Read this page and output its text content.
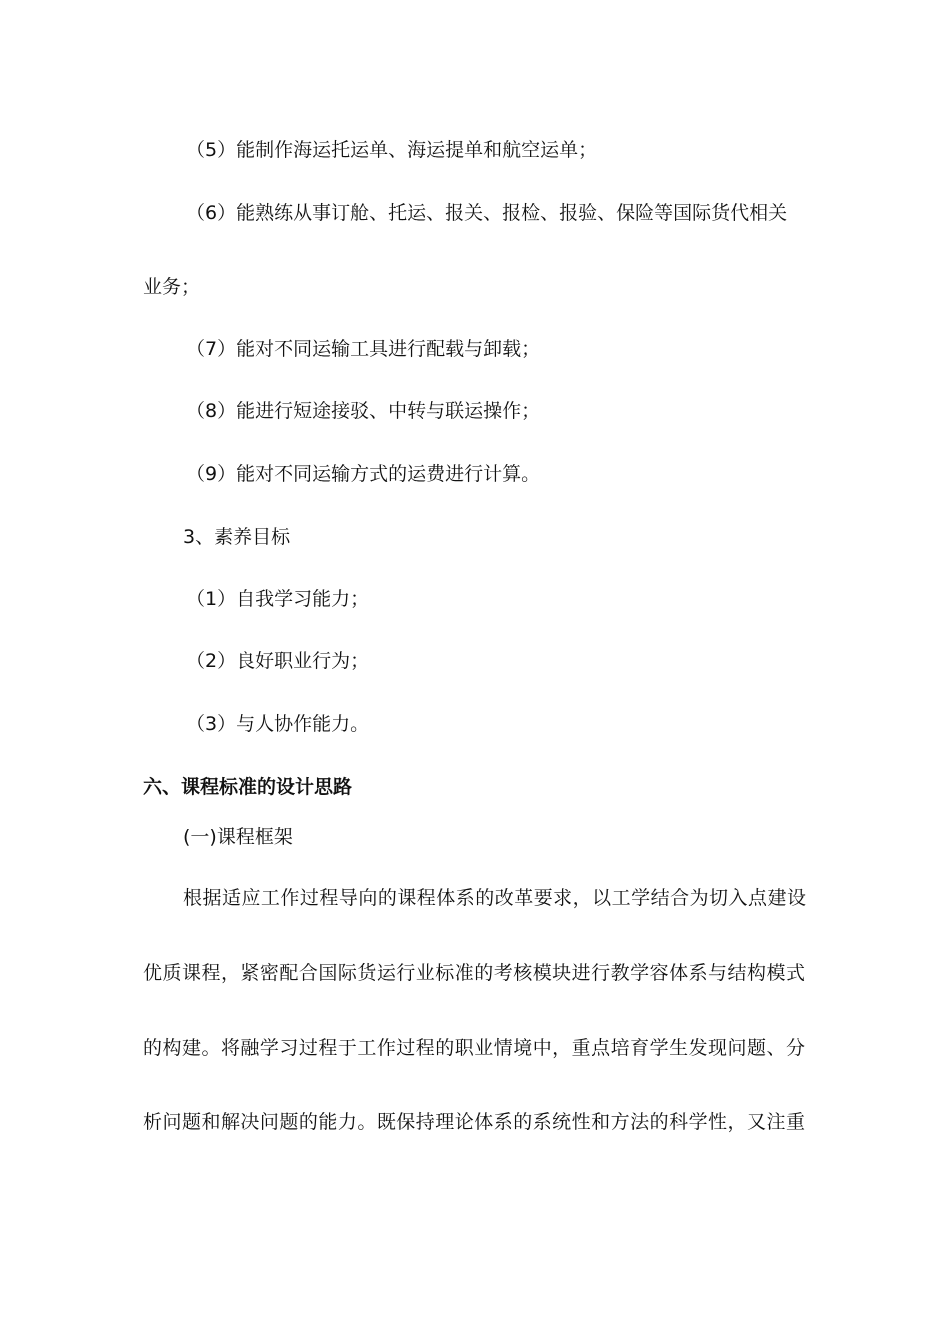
（5）能制作海运托运单、海运提单和航空运单；
（6）能熟练从事订舱、托运、报关、报检、报验、保险等国际货代相关
业务；
（7）能对不同运输工具进行配载与卸载；
（8）能进行短途接驳、中转与联运操作；
（9）能对不同运输方式的运费进行计算。
3、素养目标
（1）自我学习能力；
（2）良好职业行为；
（3）与人协作能力。
六、课程标准的设计思路
(一)课程框架
根据适应工作过程导向的课程体系的改革要求，以工学结合为切入点建设
优质课程，紧密配合国际货运行业标准的考核模块进行教学容体系与结构模式
的构建。将融学习过程于工作过程的职业情境中，重点培育学生发现问题、分
析问题和解决问题的能力。既保持理论体系的系统性和方法的科学性，又注重
